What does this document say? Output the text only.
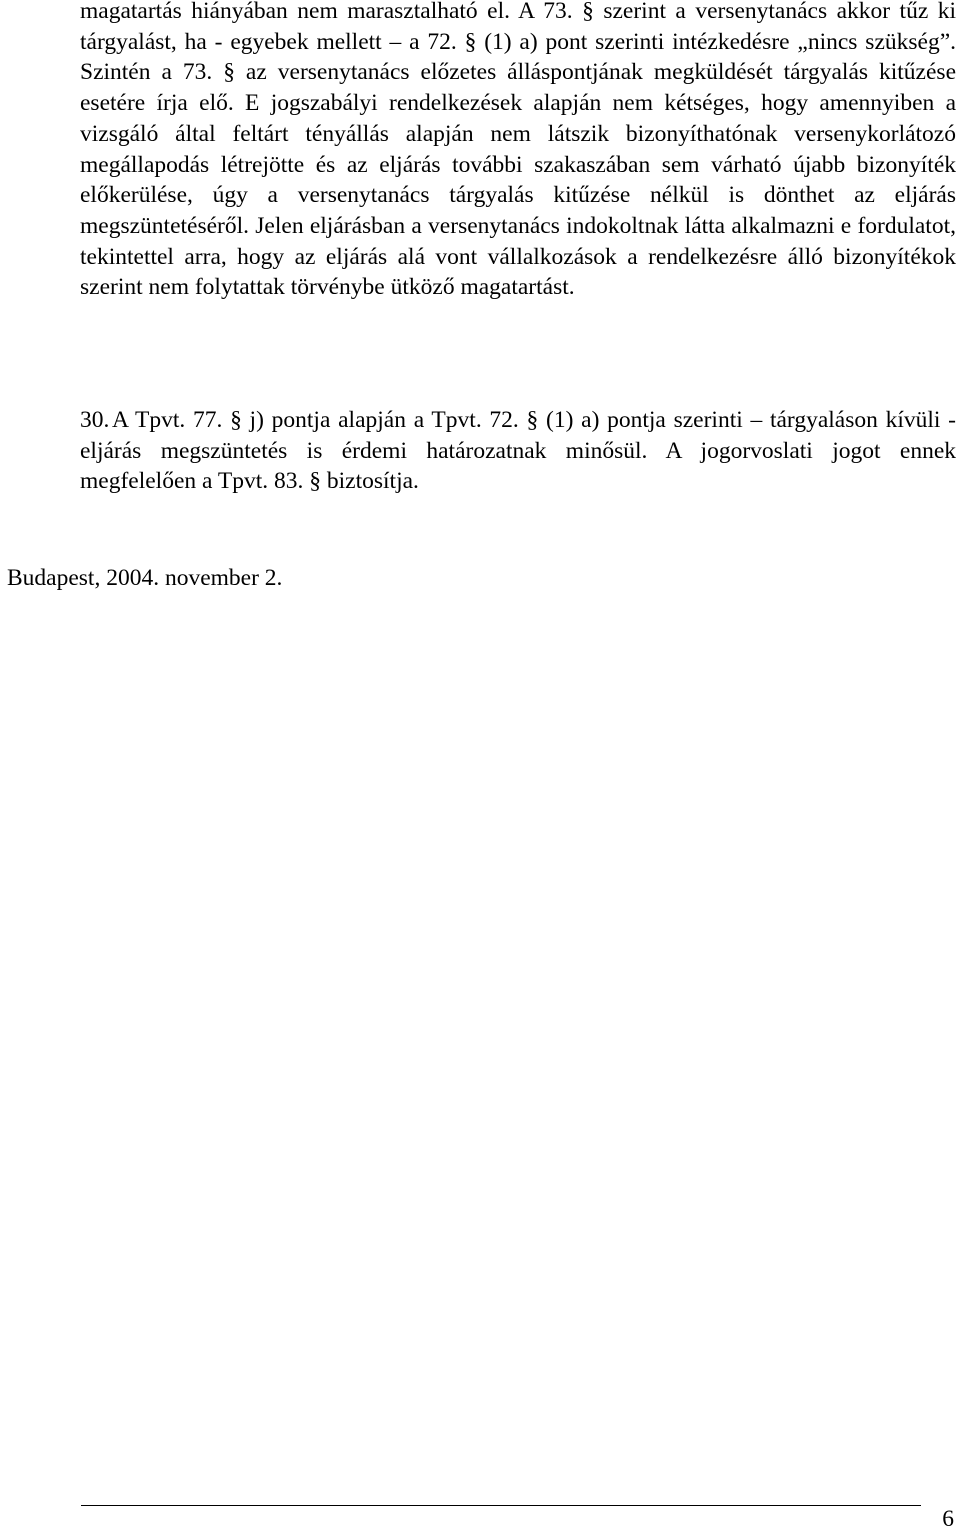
magatartás hiányában nem marasztalható el. A 73. § szerint a versenytanács akkor tűz ki tárgyalást, ha - egyebek mellett – a 72. § (1) a) pont szerinti intézkedésre „nincs szükség”. Szintén a 73. § az versenytanács előzetes álláspontjának megküldését tárgyalás kitűzése esetére írja elő. E jogszabályi rendelkezések alapján nem kétséges, hogy amennyiben a vizsgáló által feltárt tényállás alapján nem látszik bizonyíthatónak versenykorlátozó megállapodás létrejötte és az eljárás további szakaszában sem várható újabb bizonyíték előkerülése, úgy a versenytanács tárgyalás kitűzése nélkül is dönthet az eljárás megszüntetéséről. Jelen eljárásban a versenytanács indokoltnak látta alkalmazni e fordulatot, tekintettel arra, hogy az eljárás alá vont vállalkozások a rendelkezésre álló bizonyítékok szerint nem folytattak törvénybe ütköző magatartást.

30. A Tpvt. 77. § j) pontja alapján a Tpvt. 72. § (1) a) pontja szerinti – tárgyaláson kívüli - eljárás megszüntetés is érdemi határozatnak minősül. A jogorvoslati jogot ennek megfelelően a Tpvt. 83. § biztosítja.

Budapest, 2004. november 2.

6
